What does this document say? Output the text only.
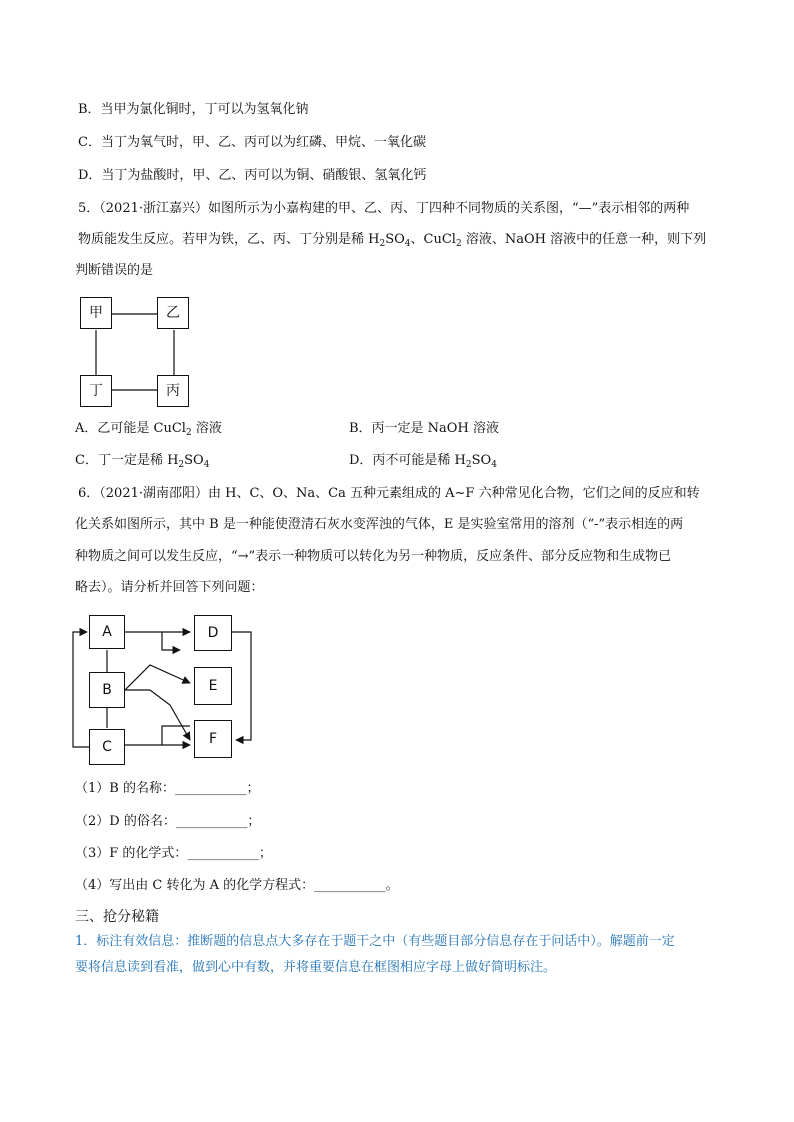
B．当甲为氯化铜时，丁可以为氢氧化钠
C．当丁为氧气时，甲、乙、丙可以为红磷、甲烷、一氧化碳
D．当丁为盐酸时，甲、乙、丙可以为铜、硝酸银、氢氧化钙
5．（2021·浙江嘉兴）如图所示为小嘉构建的甲、乙、丙、丁四种不同物质的关系图，“—”表示相邻的两种
物质能发生反应。若甲为铁，乙、丙、丁分别是稀 $H_2SO_4$、CuCl$_2$ 溶液、NaOH 溶液中的任意一种，则下列
判断错误的是
甲	乙
丁	丙
A．乙可能是 CuCl$_2$ 溶液	B．丙一定是 NaOH 溶液
C．丁一定是稀 $H_2SO_4$	D．丙不可能是稀 $H_2SO_4$
6．（2021·湖南邵阳）由 H、C、O、Na、Ca 五种元素组成的 A~F 六种常见化合物，它们之间的反应和转
化关系如图所示，其中 B 是一种能使澄清石灰水变浑浊的气体，E 是实验室常用的溶剂（“-”表示相连的两
种物质之间可以发生反应，“→”表示一种物质可以转化为另一种物质，反应条件、部分反应物和生成物已
略去）。请分析并回答下列问题：
A
B
C
D
E
F
（1）B 的名称：___________；
（2）D 的俗名：___________；
（3）F 的化学式：___________；
（4）写出由 C 转化为 A 的化学方程式：___________。
三、抢分秘籍
1．标注有效信息：推断题的信息点大多存在于题干之中（有些题目部分信息存在于问话中）。解题前一定
要将信息读到看准，做到心中有数，并将重要信息在框图相应字母上做好简明标注。
